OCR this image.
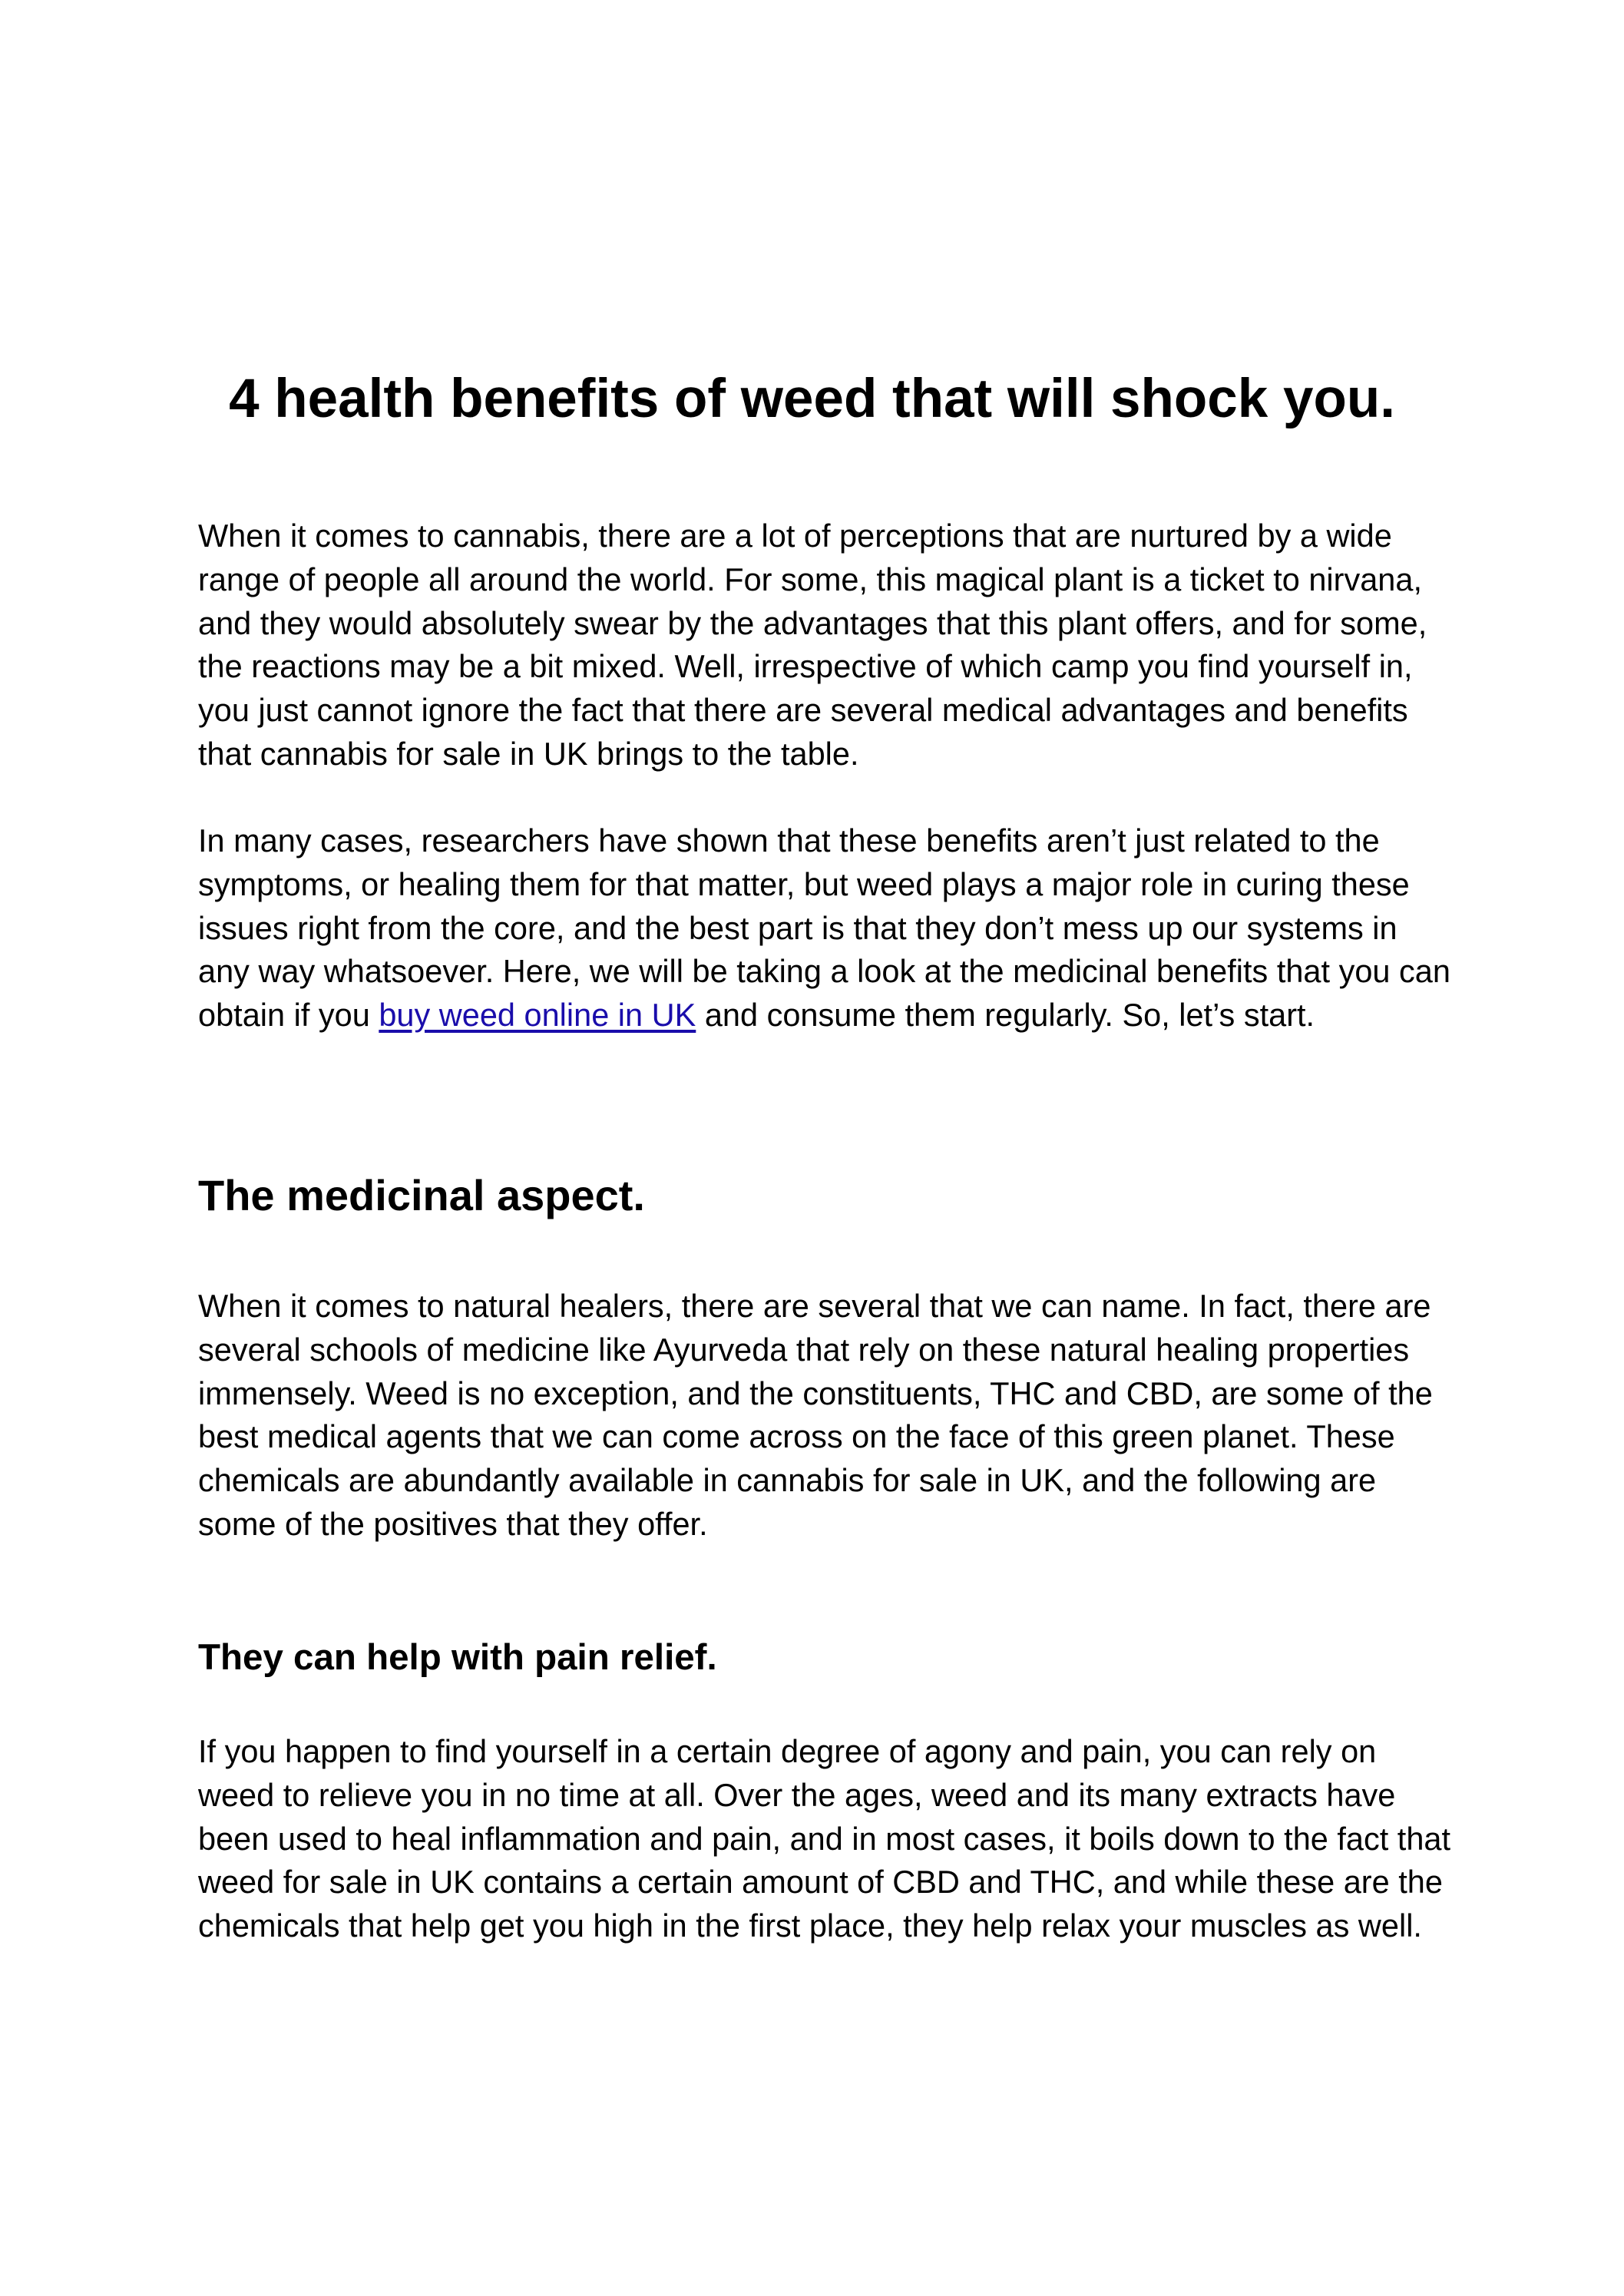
4 health benefits of weed that will shock you.

When it comes to cannabis, there are a lot of perceptions that are nurtured by a wide range of people all around the world. For some, this magical plant is a ticket to nirvana, and they would absolutely swear by the advantages that this plant offers, and for some, the reactions may be a bit mixed. Well, irrespective of which camp you find yourself in, you just cannot ignore the fact that there are several medical advantages and benefits that cannabis for sale in UK brings to the table.

In many cases, researchers have shown that these benefits aren’t just related to the symptoms, or healing them for that matter, but weed plays a major role in curing these issues right from the core, and the best part is that they don’t mess up our systems in any way whatsoever. Here, we will be taking a look at the medicinal benefits that you can obtain if you buy weed online in UK and consume them regularly. So, let’s start.

The medicinal aspect.

When it comes to natural healers, there are several that we can name. In fact, there are several schools of medicine like Ayurveda that rely on these natural healing properties immensely. Weed is no exception, and the constituents, THC and CBD, are some of the best medical agents that we can come across on the face of this green planet. These chemicals are abundantly available in cannabis for sale in UK, and the following are some of the positives that they offer.

They can help with pain relief.

If you happen to find yourself in a certain degree of agony and pain, you can rely on weed to relieve you in no time at all. Over the ages, weed and its many extracts have been used to heal inflammation and pain, and in most cases, it boils down to the fact that weed for sale in UK contains a certain amount of CBD and THC, and while these are the chemicals that help get you high in the first place, they help relax your muscles as well.
